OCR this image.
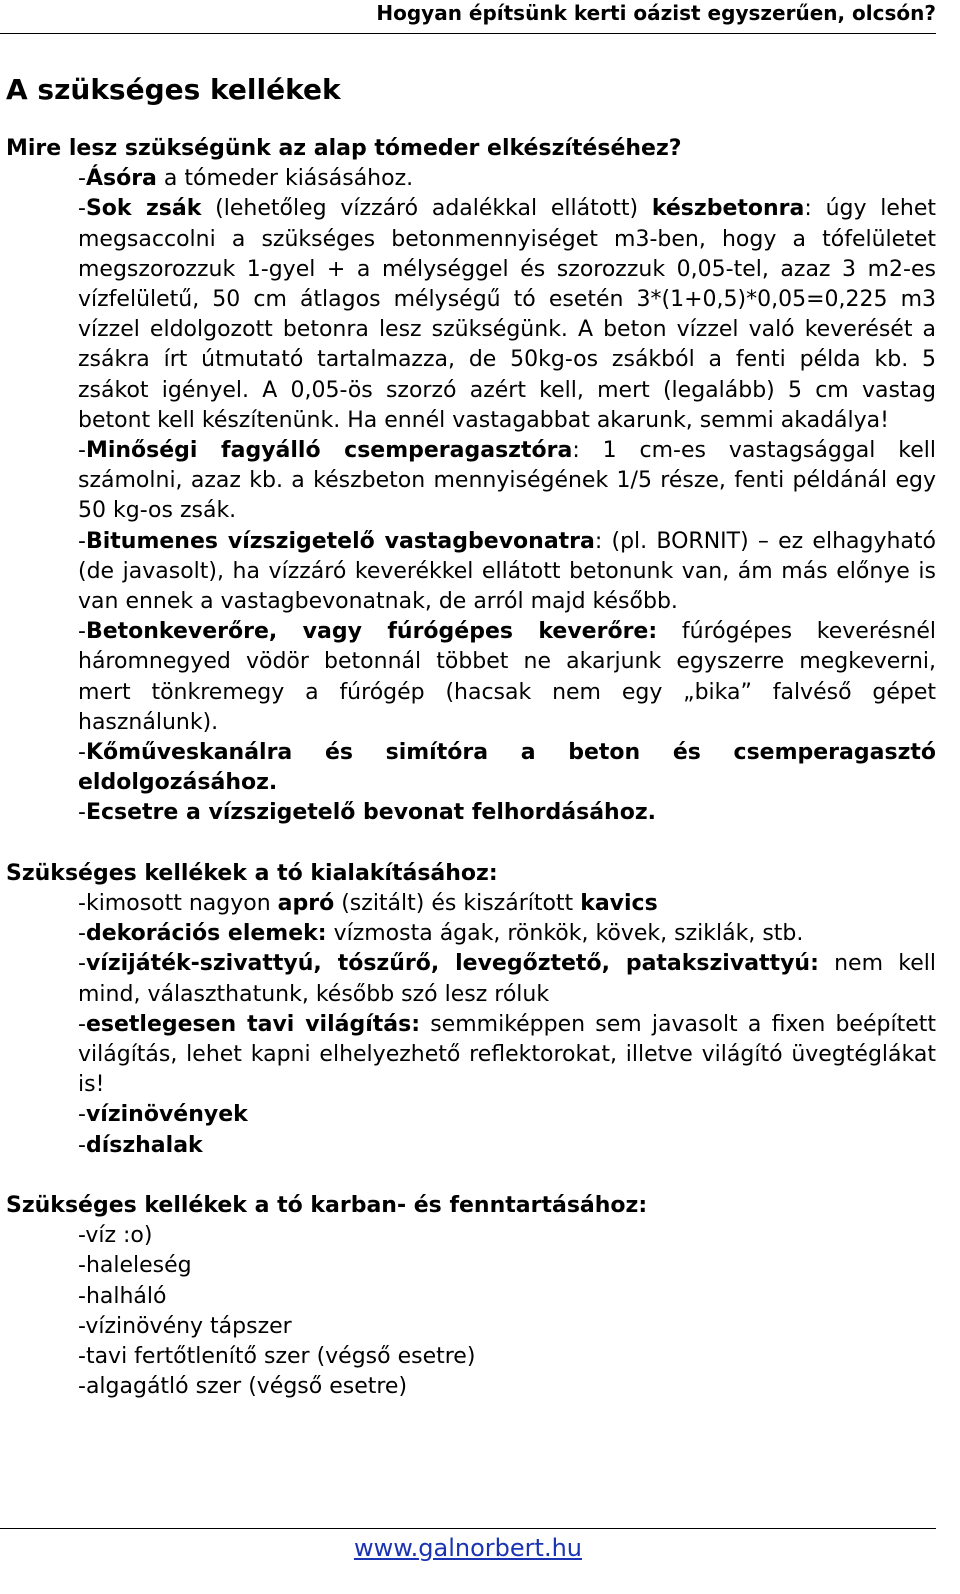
Hogyan építsünk kerti oázist egyszerűen, olcsón?
A szükséges kellékek
Mire lesz szükségünk az alap tómeder elkészítéséhez?
-Ásóra a tómeder kiásásához.
-Sok zsák (lehetőleg vízzáró adalékkal ellátott) készbetonra: úgy lehet megsaccolni a szükséges betonmennyiséget m3-ben, hogy a tófelületet megszorozzuk 1-gyel + a mélységgel és szorozzuk 0,05-tel, azaz 3 m2-es vízfelületű, 50 cm átlagos mélységű tó esetén 3*(1+0,5)*0,05=0,225 m3 vízzel eldolgozott betonra lesz szükségünk. A beton vízzel való keverését a zsákra írt útmutató tartalmazza, de 50kg-os zsákból a fenti példa kb. 5 zsákot igényel. A 0,05-ös szorzó azért kell, mert (legalább) 5 cm vastag betont kell készítenünk. Ha ennél vastagabbat akarunk, semmi akadálya!
-Minőségi fagyálló csemperagasztóra: 1 cm-es vastagsággal kell számolni, azaz kb. a készbeton mennyiségének 1/5 része, fenti példánál egy 50 kg-os zsák.
-Bitumenes vízszigetelő vastagbevonatra: (pl. BORNIT) – ez elhagyható (de javasolt), ha vízzáró keverékkel ellátott betonunk van, ám más előnye is van ennek a vastagbevonatnak, de arról majd később.
-Betonkeverőre, vagy fúrógépes keverőre: fúrógépes keverésnél háromnegyed vödör betonnál többet ne akarjunk egyszerre megkeverni, mert tönkremegy a fúrógép (hacsak nem egy „bika” falvéső gépet használunk).
-Kőműveskanálra és simítóra a beton és csemperagasztó eldolgozásához.
-Ecsetre a vízszigetelő bevonat felhordásához.
Szükséges kellékek a tó kialakításához:
-kimosott nagyon apró (szitált) és kiszárított kavics
-dekorációs elemek: vízmosta ágak, rönkök, kövek, sziklák, stb.
-vízijáték-szivattyú, tószűrő, levegőztető, patakszivattyú: nem kell mind, választhatunk, később szó lesz róluk
-esetlegesen tavi világítás: semmiképpen sem javasolt a fixen beépített világítás, lehet kapni elhelyezhető reflektorokat, illetve világító üvegtéglákat is!
-vízinövények
-díszhalak
Szükséges kellékek a tó karban- és fenntartásához:
-víz :o)
-haleleség
-halháló
-vízinövény tápszer
-tavi fertőtlenítő szer (végső esetre)
-algagátló szer (végső esetre)
www.galnorbert.hu
